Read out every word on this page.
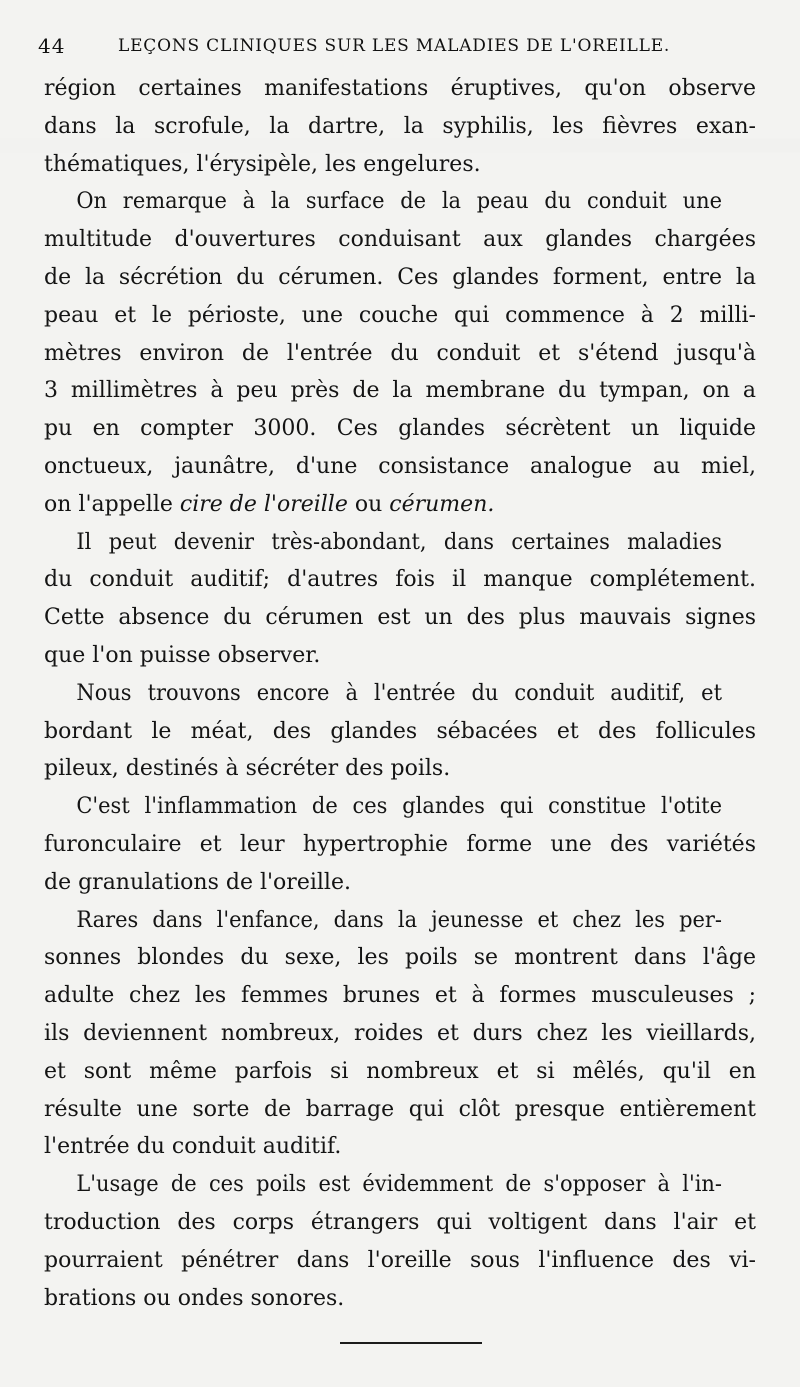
44	LEÇONS CLINIQUES SUR LES MALADIES DE L'OREILLE.
région certaines manifestations éruptives, qu'on observe
dans la scrofule, la dartre, la syphilis, les fièvres exan-
thématiques, l'érysipèle, les engelures.
On remarque à la surface de la peau du conduit une
multitude d'ouvertures conduisant aux glandes chargées
de la sécrétion du cérumen. Ces glandes forment, entre la
peau et le périoste, une couche qui commence à 2 milli-
mètres environ de l'entrée du conduit et s'étend jusqu'à
3 millimètres à peu près de la membrane du tympan, on a
pu en compter 3000. Ces glandes sécrètent un liquide
onctueux, jaunâtre, d'une consistance analogue au miel,
on l'appelle cire de l'oreille ou cérumen.
Il peut devenir très-abondant, dans certaines maladies
du conduit auditif; d'autres fois il manque complétement.
Cette absence du cérumen est un des plus mauvais signes
que l'on puisse observer.
Nous trouvons encore à l'entrée du conduit auditif, et
bordant le méat, des glandes sébacées et des follicules
pileux, destinés à sécréter des poils.
C'est l'inflammation de ces glandes qui constitue l'otite
furonculaire et leur hypertrophie forme une des variétés
de granulations de l'oreille.
Rares dans l'enfance, dans la jeunesse et chez les per-
sonnes blondes du sexe, les poils se montrent dans l'âge
adulte chez les femmes brunes et à formes musculeuses ;
ils deviennent nombreux, roides et durs chez les vieillards,
et sont même parfois si nombreux et si mêlés, qu'il en
résulte une sorte de barrage qui clôt presque entièrement
l'entrée du conduit auditif.
L'usage de ces poils est évidemment de s'opposer à l'in-
troduction des corps étrangers qui voltigent dans l'air et
pourraient pénétrer dans l'oreille sous l'influence des vi-
brations ou ondes sonores.
